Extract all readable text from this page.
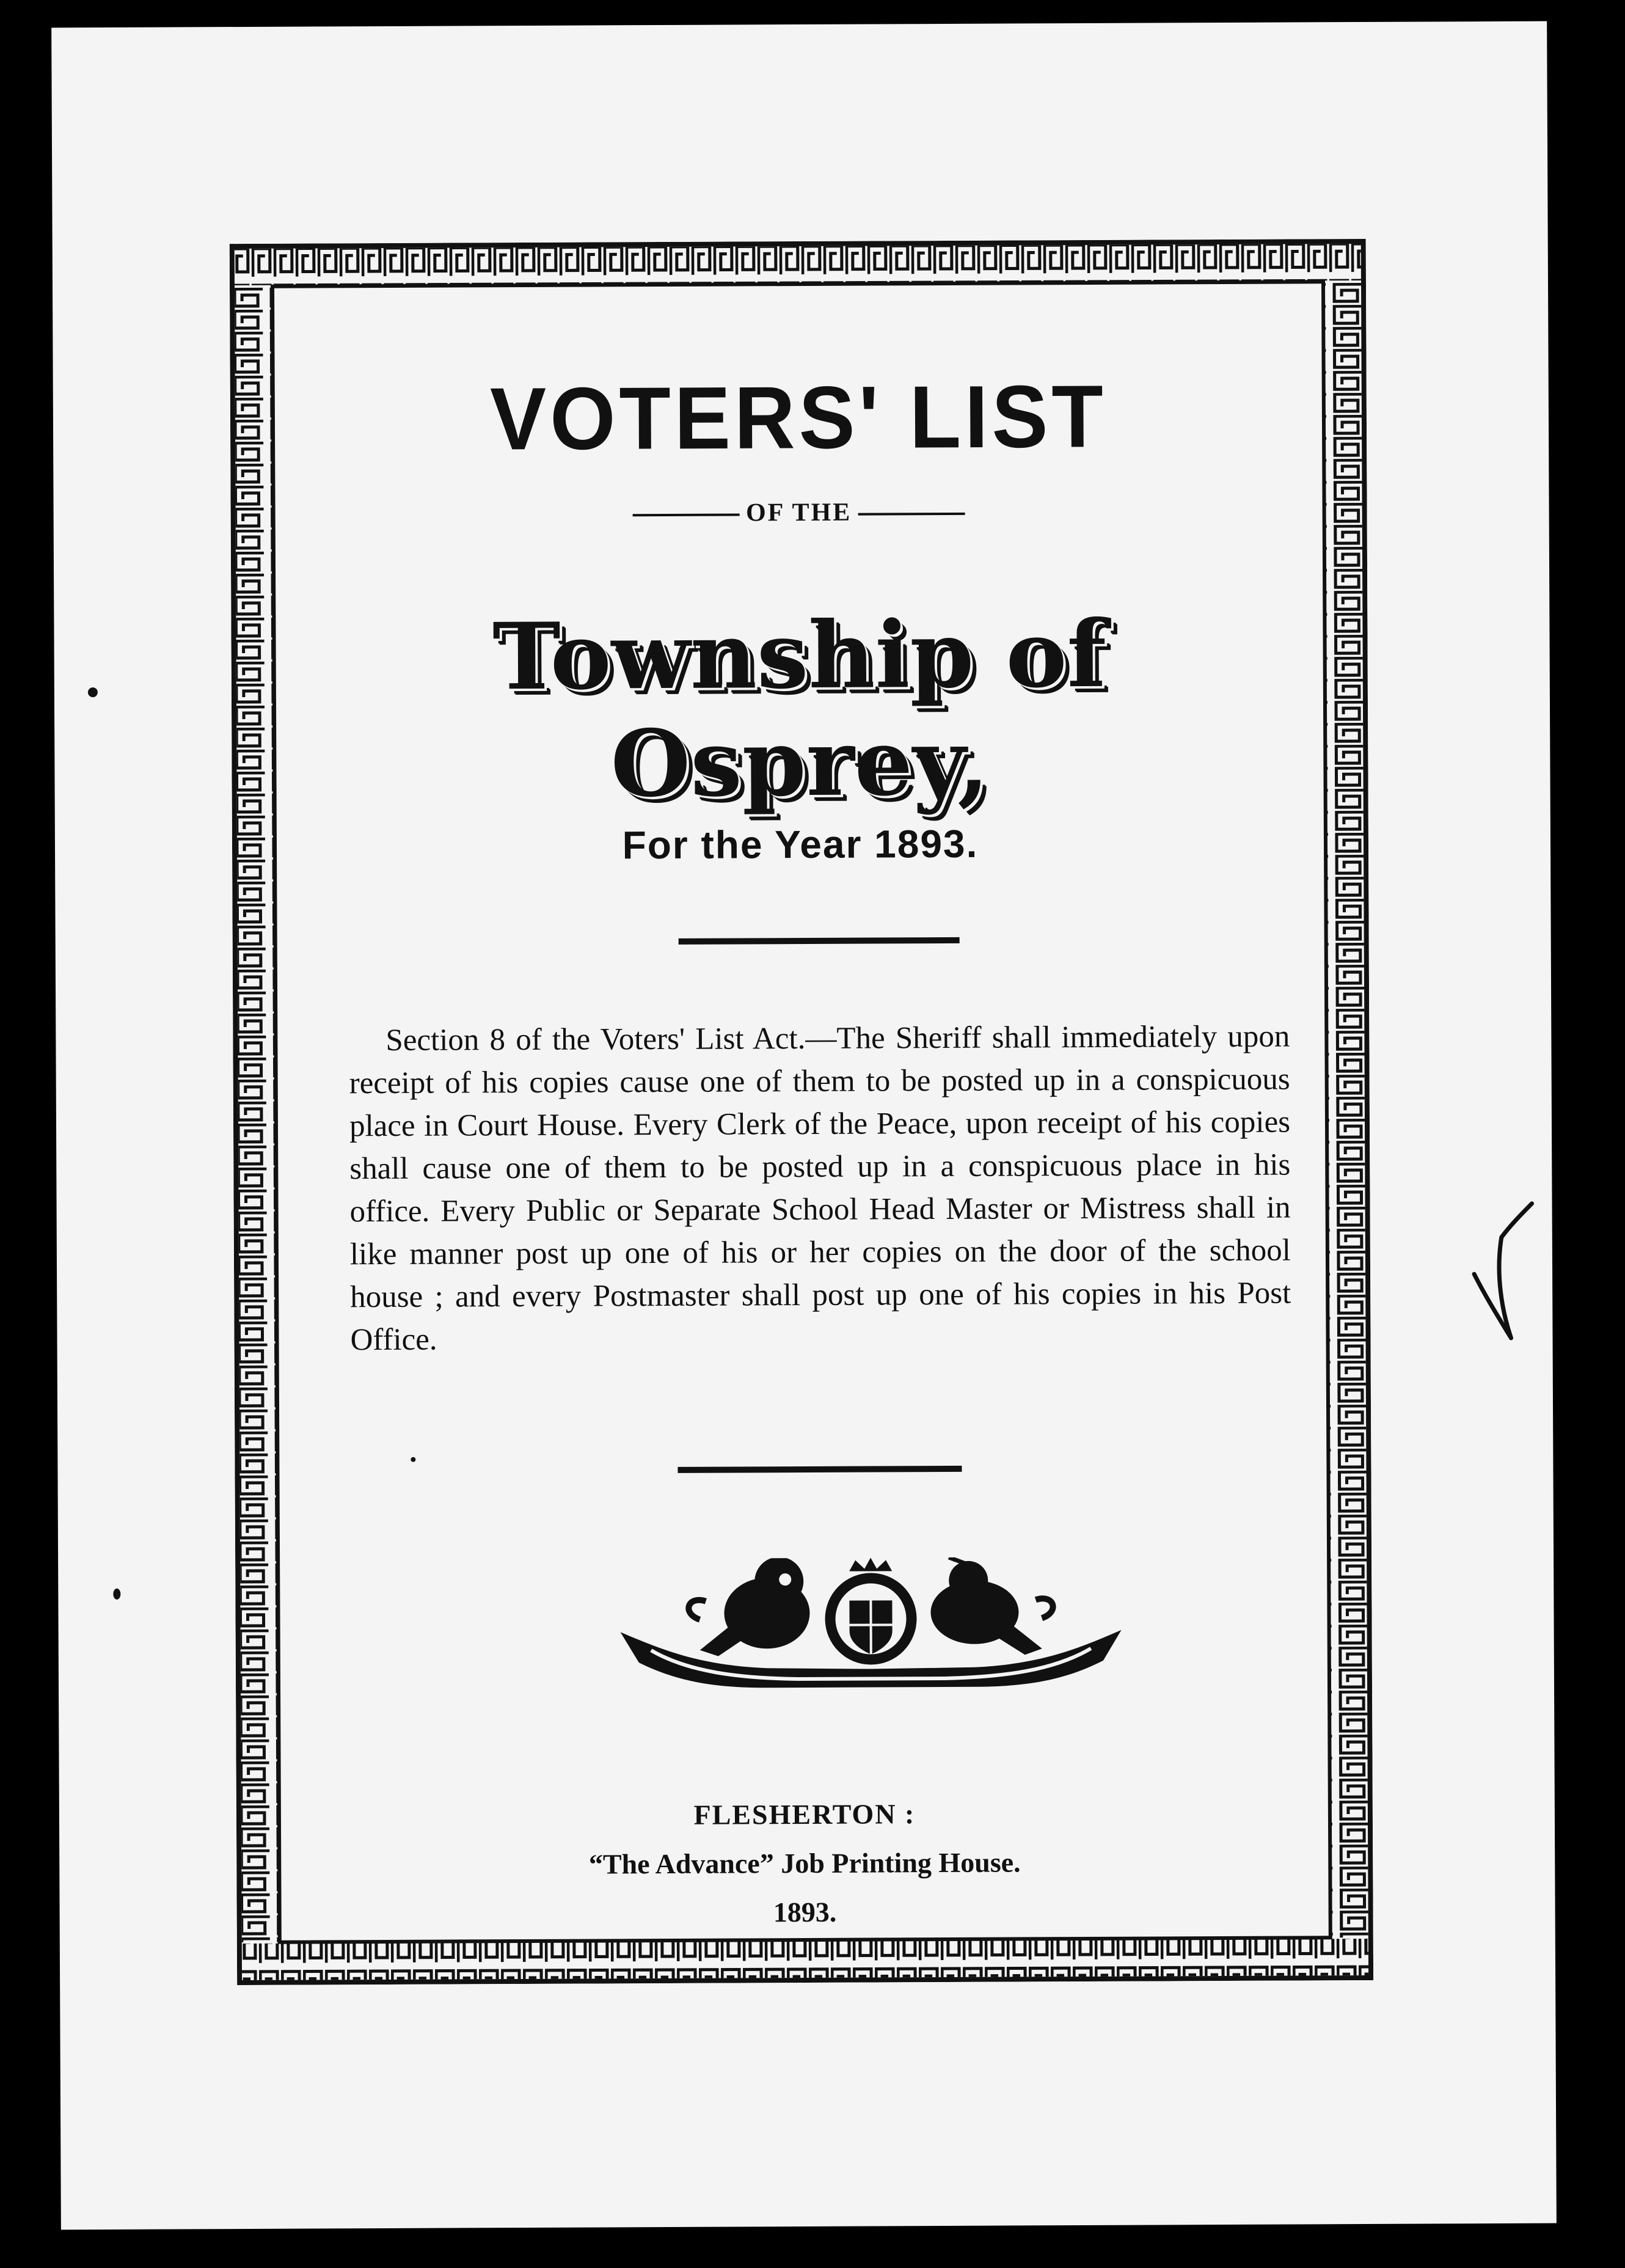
VOTERS' LIST
OF THE
Township of Osprey,
For the Year 1893.
Section 8 of the Voters' List Act.—The Sheriff shall immediately upon receipt of his copies cause one of them to be posted up in a conspicuous place in Court House. Every Clerk of the Peace, upon receipt of his copies shall cause one of them to be posted up in a conspicuous place in his office. Every Public or Separate School Head Master or Mistress shall in like manner post up one of his or her copies on the door of the school house ; and every Postmaster shall post up one of his copies in his Post Office.
FLESHERTON :
“The Advance” Job Printing House.
1893.
